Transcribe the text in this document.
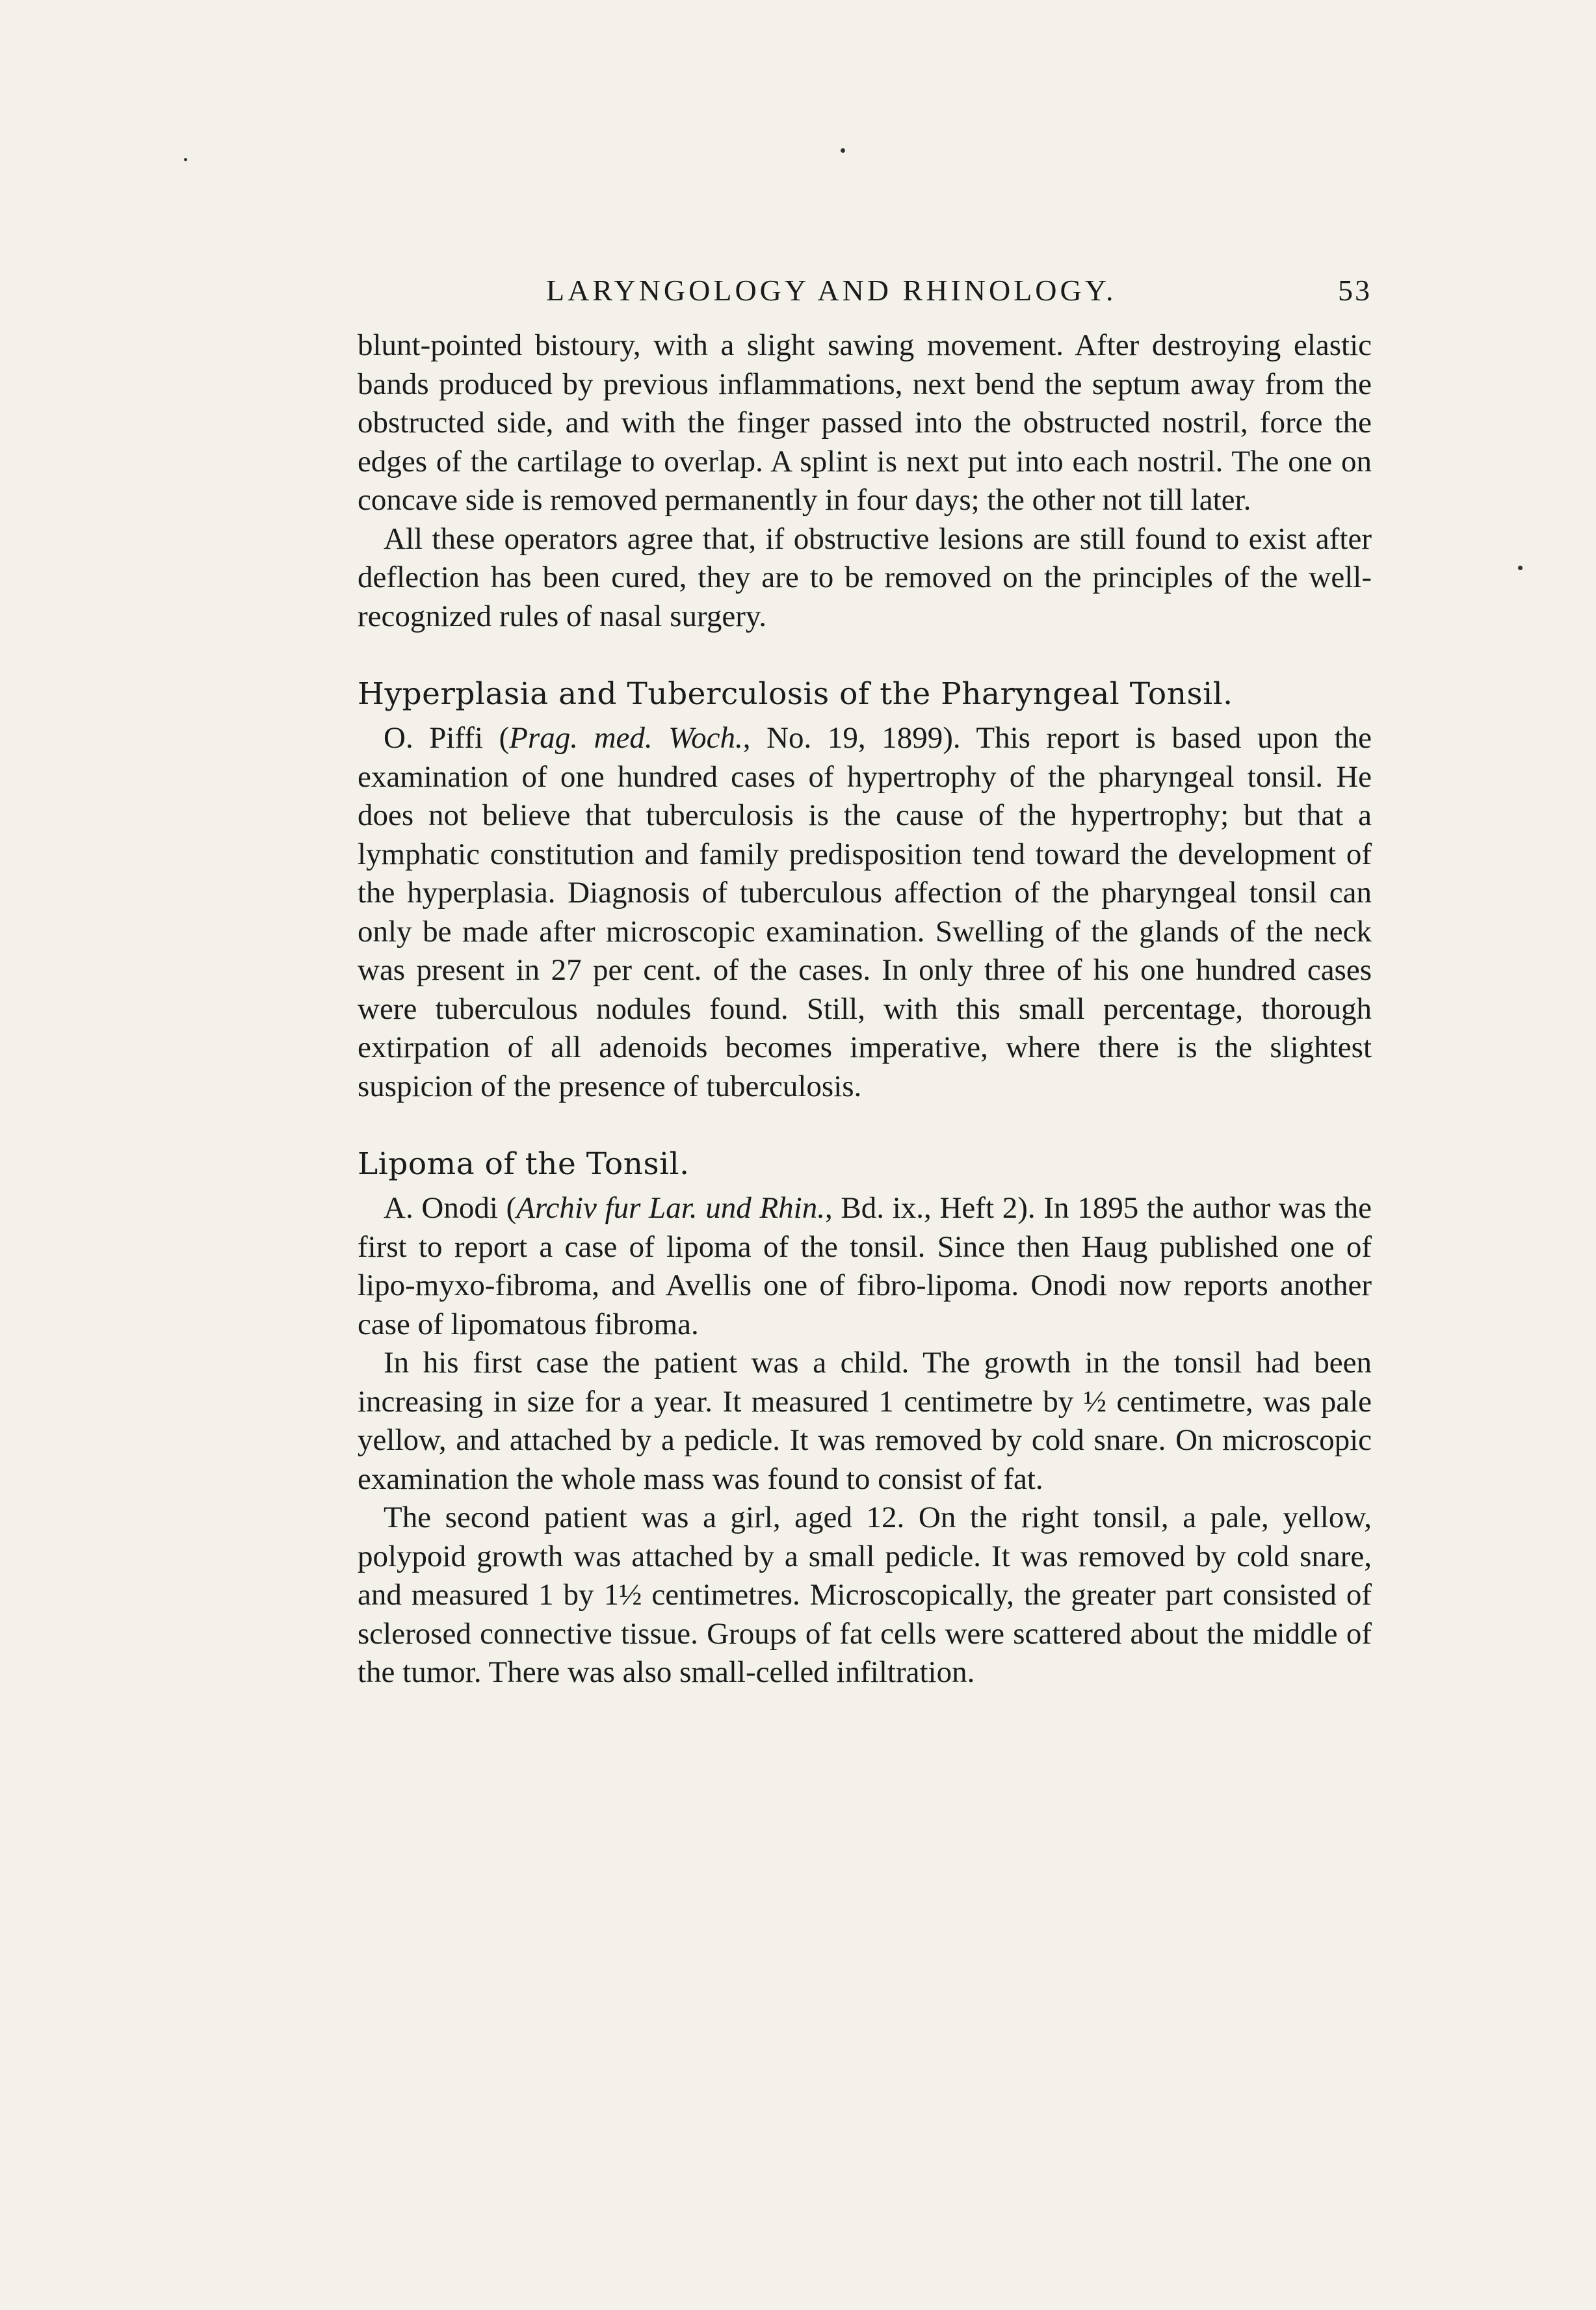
LARYNGOLOGY AND RHINOLOGY.	53

blunt-pointed bistoury, with a slight sawing movement. After destroying elastic bands produced by previous inflammations, next bend the septum away from the obstructed side, and with the finger passed into the obstructed nostril, force the edges of the cartilage to overlap. A splint is next put into each nostril. The one on concave side is removed permanently in four days; the other not till later.

All these operators agree that, if obstructive lesions are still found to exist after deflection has been cured, they are to be removed on the principles of the well-recognized rules of nasal surgery.

Hyperplasia and Tuberculosis of the Pharyngeal Tonsil.

O. Piffi (Prag. med. Woch., No. 19, 1899). This report is based upon the examination of one hundred cases of hypertrophy of the pharyngeal tonsil. He does not believe that tuberculosis is the cause of the hypertrophy; but that a lymphatic constitution and family predisposition tend toward the development of the hyperplasia. Diagnosis of tuberculous affection of the pharyngeal tonsil can only be made after microscopic examination. Swelling of the glands of the neck was present in 27 per cent. of the cases. In only three of his one hundred cases were tuberculous nodules found. Still, with this small percentage, thorough extirpation of all adenoids becomes imperative, where there is the slightest suspicion of the presence of tuberculosis.

Lipoma of the Tonsil.

A. Onodi (Archiv fur Lar. und Rhin., Bd. ix., Heft 2). In 1895 the author was the first to report a case of lipoma of the tonsil. Since then Haug published one of lipo-myxo-fibroma, and Avellis one of fibro-lipoma. Onodi now reports another case of lipomatous fibroma.

In his first case the patient was a child. The growth in the tonsil had been increasing in size for a year. It measured 1 centimetre by ½ centimetre, was pale yellow, and attached by a pedicle. It was removed by cold snare. On microscopic examination the whole mass was found to consist of fat.

The second patient was a girl, aged 12. On the right tonsil, a pale, yellow, polypoid growth was attached by a small pedicle. It was removed by cold snare, and measured 1 by 1½ centimetres. Microscopically, the greater part consisted of sclerosed connective tissue. Groups of fat cells were scattered about the middle of the tumor. There was also small-celled infiltration.
